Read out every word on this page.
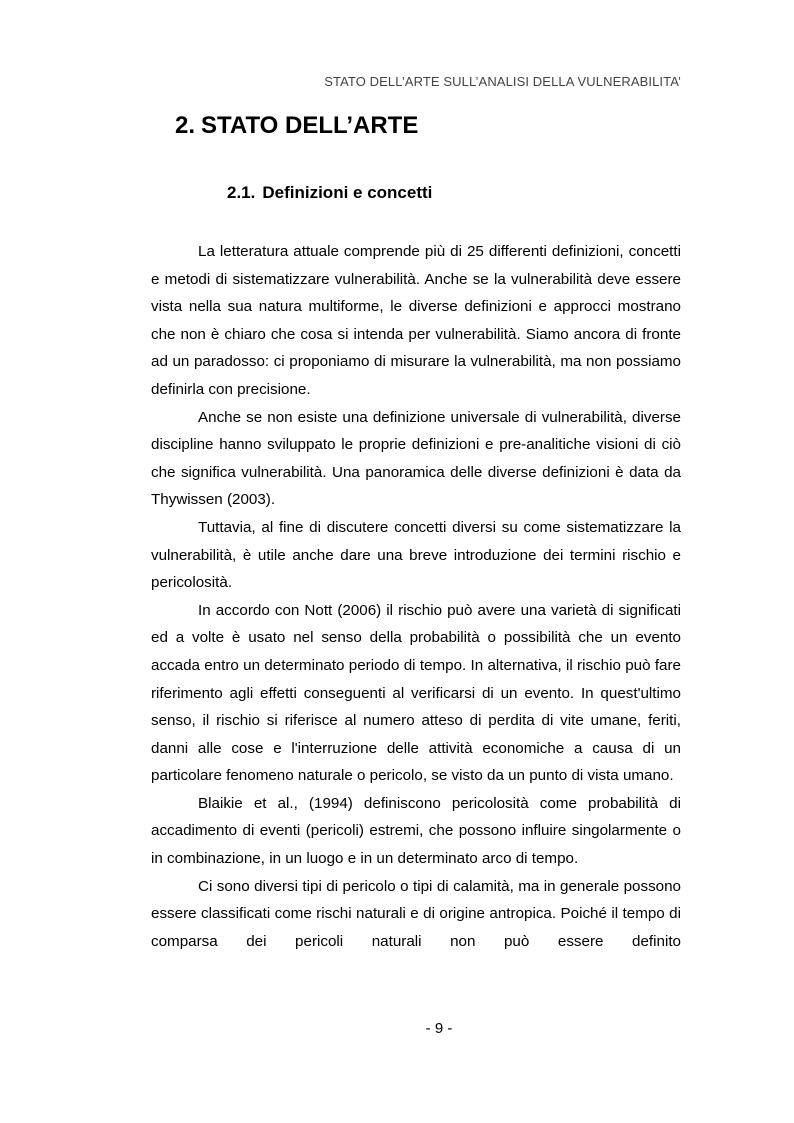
STATO DELL’ARTE SULL’ANALISI DELLA VULNERABILITA’
2. STATO DELL’ARTE
2.1. Definizioni e concetti

La letteratura attuale comprende più di 25 differenti definizioni, concetti e metodi di sistematizzare vulnerabilità. Anche se la vulnerabilità deve essere vista nella sua natura multiforme, le diverse definizioni e approcci mostrano che non è chiaro che cosa si intenda per vulnerabilità. Siamo ancora di fronte ad un paradosso: ci proponiamo di misurare la vulnerabilità, ma non possiamo definirla con precisione.

Anche se non esiste una definizione universale di vulnerabilità, diverse discipline hanno sviluppato le proprie definizioni e pre-analitiche visioni di ciò che significa vulnerabilità. Una panoramica delle diverse definizioni è data da Thywissen (2003).

Tuttavia, al fine di discutere concetti diversi su come sistematizzare la vulnerabilità, è utile anche dare una breve introduzione dei termini rischio e pericolosità.

In accordo con Nott (2006) il rischio può avere una varietà di significati ed a volte è usato nel senso della probabilità o possibilità che un evento accada entro un determinato periodo di tempo. In alternativa, il rischio può fare riferimento agli effetti conseguenti al verificarsi di un evento. In quest'ultimo senso, il rischio si riferisce al numero atteso di perdita di vite umane, feriti, danni alle cose e l'interruzione delle attività economiche a causa di un particolare fenomeno naturale o pericolo, se visto da un punto di vista umano.

Blaikie et al., (1994) definiscono pericolosità come probabilità di accadimento di eventi (pericoli) estremi, che possono influire singolarmente o in combinazione, in un luogo e in un determinato arco di tempo.

Ci sono diversi tipi di pericolo o tipi di calamità, ma in generale possono essere classificati come rischi naturali e di origine antropica. Poiché il tempo di comparsa dei pericoli naturali non può essere definito

- 9 -
